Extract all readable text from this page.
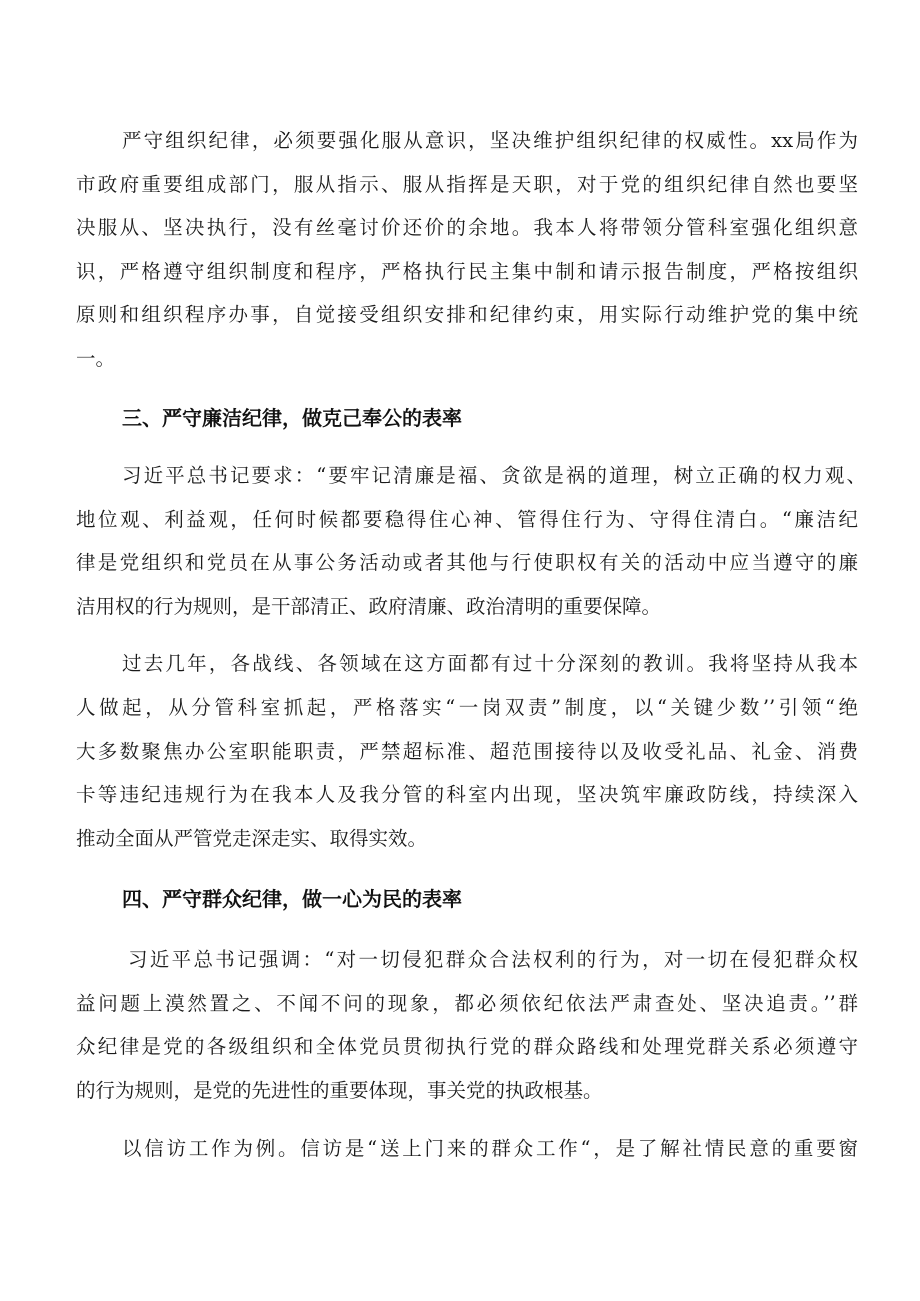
严守组织纪律，必须要强化服从意识，坚决维护组织纪律的权威性。xx局作为

市政府重要组成部门，服从指示、服从指挥是天职，对于党的组织纪律自然也要坚

决服从、坚决执行，没有丝毫讨价还价的余地。我本人将带领分管科室强化组织意

识，严格遵守组织制度和程序，严格执行民主集中制和请示报告制度，严格按组织

原则和组织程序办事，自觉接受组织安排和纪律约束，用实际行动维护党的集中统

一。

三、严守廉洁纪律，做克己奉公的表率

习近平总书记要求：“要牢记清廉是福、贪欲是祸的道理，树立正确的权力观、

地位观、利益观，任何时候都要稳得住心神、管得住行为、守得住清白。“廉洁纪

律是党组织和党员在从事公务活动或者其他与行使职权有关的活动中应当遵守的廉

洁用权的行为规则，是干部清正、政府清廉、政治清明的重要保障。

过去几年，各战线、各领域在这方面都有过十分深刻的教训。我将坚持从我本

人做起，从分管科室抓起，严格落实“一岗双责”制度，以“关键少数’’引领“绝

大多数聚焦办公室职能职责，严禁超标准、超范围接待以及收受礼品、礼金、消费

卡等违纪违规行为在我本人及我分管的科室内出现，坚决筑牢廉政防线，持续深入

推动全面从严管党走深走实、取得实效。

四、严守群众纪律，做一心为民的表率

习近平总书记强调：“对一切侵犯群众合法权利的行为，对一切在侵犯群众权

益问题上漠然置之、不闻不问的现象，都必须依纪依法严肃查处、坚决追责。’’群

众纪律是党的各级组织和全体党员贯彻执行党的群众路线和处理党群关系必须遵守

的行为规则，是党的先进性的重要体现，事关党的执政根基。

以信访工作为例。信访是“送上门来的群众工作“，是了解社情民意的重要窗
